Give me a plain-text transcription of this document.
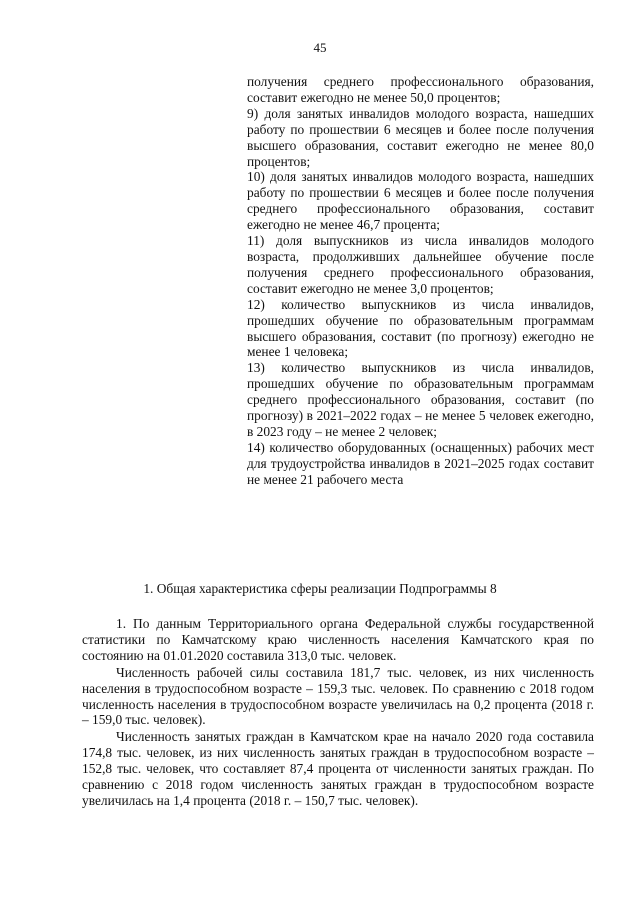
45

получения среднего профессионального образования, составит ежегодно не менее 50,0 процентов;

9) доля занятых инвалидов молодого возраста, нашедших работу по прошествии 6 месяцев и более после получения высшего образования, составит ежегодно не менее 80,0 процентов;

10) доля занятых инвалидов молодого возраста, нашедших работу по прошествии 6 месяцев и более после получения среднего профессионального образования, составит ежегодно не менее 46,7 процента;

11) доля выпускников из числа инвалидов молодого возраста, продолживших дальнейшее обучение после получения среднего профессионального образования, составит ежегодно не менее 3,0 процентов;

12) количество выпускников из числа инвалидов, прошедших обучение по образовательным программам высшего образования, составит (по прогнозу) ежегодно не менее 1 человека;

13) количество выпускников из числа инвалидов, прошедших обучение по образовательным программам среднего профессионального образования, составит (по прогнозу) в 2021–2022 годах – не менее 5 человек ежегодно, в 2023 году – не менее 2 человек;

14) количество оборудованных (оснащенных) рабочих мест для трудоустройства инвалидов в 2021–2025 годах составит не менее 21 рабочего места

1. Общая характеристика сферы реализации Подпрограммы 8

1. По данным Территориального органа Федеральной службы государственной статистики по Камчатскому краю численность населения Камчатского края по состоянию на 01.01.2020 составила 313,0 тыс. человек.

Численность рабочей силы составила 181,7 тыс. человек, из них численность населения в трудоспособном возрасте – 159,3 тыс. человек. По сравнению с 2018 годом численность населения в трудоспособном возрасте увеличилась на 0,2 процента (2018 г. – 159,0 тыс. человек).

Численность занятых граждан в Камчатском крае на начало 2020 года составила 174,8 тыс. человек, из них численность занятых граждан в трудоспособном возрасте – 152,8 тыс. человек, что составляет 87,4 процента от численности занятых граждан. По сравнению с 2018 годом численность занятых граждан в трудоспособном возрасте увеличилась на 1,4 процента (2018 г. – 150,7 тыс. человек).
